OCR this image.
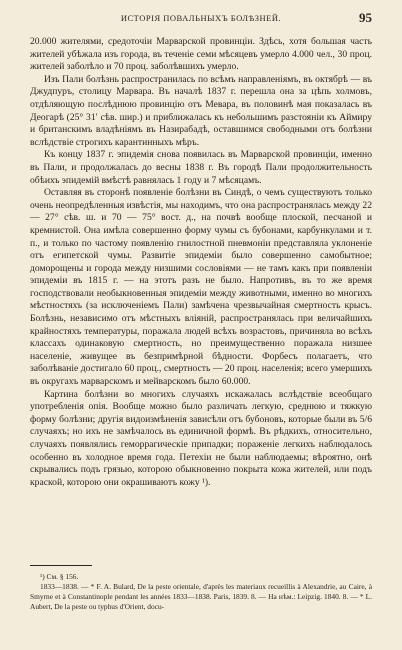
ИСТОРІЯ ПОВАЛЬНЫХЪ БОЛѢЗНЕЙ.	95

20.000 жителями, средоточіи Марварской провинціи. Здѣсь, хотя большая часть жителей убѣжала изъ города, въ теченіе семи мѣсяцевъ умерло 4.000 чел., 30 проц. жителей заболѣло и 70 проц. заболѣвшихъ умерло.

Изъ Пали болѣзнь распространилась по всѣмъ направленіямъ, въ октябрѣ — въ Джудпуръ, столицу Марвара. Въ началѣ 1837 г. перешла она за цѣпь холмовъ, отдѣляющую послѣднюю провинцію отъ Мевара, въ половинѣ мая показалась въ Деогарѣ (25° 31′ сѣв. шир.) и приближалась къ небольшимъ разстояніи къ Аймиру и британскимъ владѣніямъ въ Назирабадѣ, оставшимся свободными отъ болѣзни вслѣдствіе строгихъ карантинныхъ мѣръ.

Къ концу 1837 г. эпидемія снова появилась въ Марварской провинціи, именно въ Пали, и продолжалась до весны 1838 г. Въ городѣ Пали продолжительность обѣихъ эпидемій вмѣстѣ равнялась 1 году и 7 мѣсяцамъ.

Оставляя въ сторонѣ появленіе болѣзни въ Синдѣ, о чемъ существуютъ только очень неопредѣленныя извѣстія, мы находимъ, что она распространялась между 22 — 27° сѣв. ш. и 70 — 75° вост. д., на почвѣ вообще плоской, песчаной и кремнистой. Она имѣла совершенно форму чумы съ бубонами, карбункулами и т. п., и только по частому появленію гнилостной пневмоніи представляла уклоненіе отъ египетской чумы. Развитіе эпидеміи было совершенно самобытное; доморощены и города между низшими сословіями — не тамъ какъ при появленіи эпидеміи въ 1815 г. — на этотъ разъ не было. Напротивъ, въ то же время господствовали необыкновенныя эпидеміи между животными, именно во многихъ мѣстностяхъ (за исключеніемъ Пали) замѣчена чрезвычайная смертность крысъ. Болѣзнь, независимо отъ мѣстныхъ вліяній, распространялась при величайшихъ крайностяхъ температуры, поражала людей всѣхъ возрастовъ, причиняла во всѣхъ классахъ одинаковую смертность, но преимущественно поражала низшее населеніе, живущее въ безпримѣрной бѣдности. Форбесъ полагаетъ, что заболѣваніе достигало 60 проц., смертность — 20 проц. населенія; всего умершихъ въ округахъ марварскомъ и мейварскомъ было 60.000.

Картина болѣзни во многихъ случаяхъ искажалась вслѣдствіе всеобщаго употребленія опія. Вообще можно было различать легкую, среднюю и тяжкую форму болѣзни; другія видоизмѣненія зависѣли отъ бубоновъ, которые были въ 5/6 случаяхъ; но ихъ не замѣчалось въ единичной формѣ. Въ рѣдкихъ, относительно, случаяхъ появлялись геморрагическіе припадки; пораженіе легкихъ наблюдалось особенно въ холодное время года. Петехіи не были наблюдаемы; вѣроятно, онѣ скрывались подъ грязью, которою обыкновенно покрыта кожа жителей, или подъ краской, которою они окрашиваютъ кожу ¹).

¹) См. § 156.

1833—1838. — * F. A. Bulard, De la peste orientale, d'après les materiaux recueillis à Alexandrie, au Caire, à Smyrne et à Constantinople pendant les années 1833—1838. Paris, 1839. 8. — На нѣм.: Leipzig. 1840. 8. — * L. Aubert, De la peste ou typhus d'Orient, docu-
